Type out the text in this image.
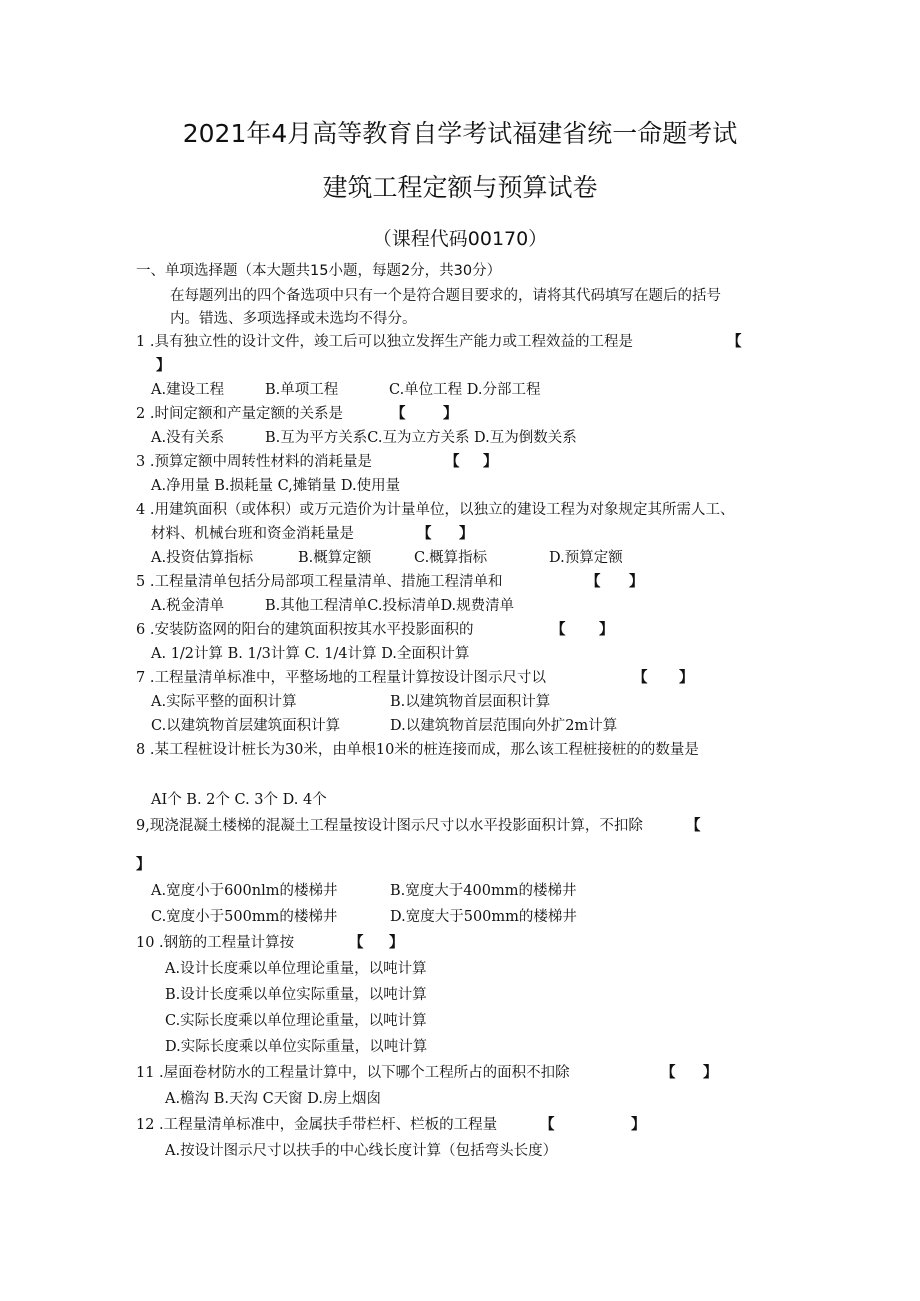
2021年4月高等教育自学考试福建省统一命题考试
建筑工程定额与预算试卷
（课程代码00170）
一、单项选择题（本大题共15小题，每题2分，共30分）
在每题列出的四个备选项中只有一个是符合题目要求的，请将其代码填写在题后的括号
内。错选、多项选择或未选均不得分。
1 .具有独立性的设计文件，竣工后可以独立发挥生产能力或工程效益的工程是	【
】
A.建设工程	B.单项工程	C.单位工程 D.分部工程
2 .时间定额和产量定额的关系是	【	】
A.没有关系	B.互为平方关系C.互为立方关系 D.互为倒数关系
3 .预算定额中周转性材料的消耗量是	【 】
A.净用量 B.损耗量 C,摊销量 D.使用量
4 .用建筑面积（或体积）或万元造价为计量单位，以独立的建设工程为对象规定其所需人工、
材料、机械台班和资金消耗量是	【 】
A.投资估算指标	B.概算定额	C.概算指标	D.预算定额
5 .工程量清单包括分局部项工程量清单、措施工程清单和	【 】
A.税金清单	B.其他工程清单C.投标清单D.规费清单
6 .安装防盗网的阳台的建筑面积按其水平投影面积的	【 】
A. 1/2计算 B. 1/3计算 C. 1/4计算 D.全面积计算
7 .工程量清单标准中，平整场地的工程量计算按设计图示尺寸以	【 】
A.实际平整的面积计算	B.以建筑物首层面积计算
C.以建筑物首层建筑面积计算	D.以建筑物首层范围向外扩2m计算
8 .某工程桩设计桩长为30米，由单根10米的桩连接而成，那么该工程桩接桩的的数量是
AI个 B. 2个 C. 3个 D. 4个
9,现浇混凝土楼梯的混凝土工程量按设计图示尺寸以水平投影面积计算，不扣除	【
】
A.宽度小于600nlm的楼梯井	B.宽度大于400mm的楼梯井
C.宽度小于500mm的楼梯井	D.宽度大于500mm的楼梯井
10 .钢筋的工程量计算按	【 】
A.设计长度乘以单位理论重量，以吨计算
B.设计长度乘以单位实际重量，以吨计算
C.实际长度乘以单位理论重量，以吨计算
D.实际长度乘以单位实际重量，以吨计算
11 .屋面卷材防水的工程量计算中，以下哪个工程所占的面积不扣除	【 】
A.檐沟 B.天沟 C天窗 D.房上烟囱
12 .工程量清单标准中，金属扶手带栏杆、栏板的工程量	【	】
A.按设计图示尺寸以扶手的中心线长度计算（包括弯头长度）
